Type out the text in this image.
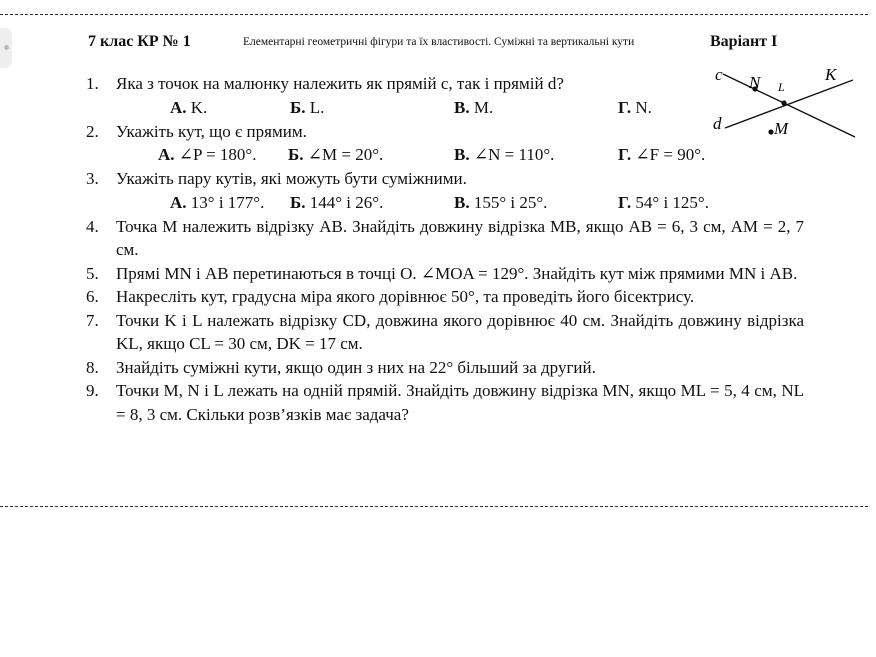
7 клас КР № 1	Елементарні геометричні фігури та їх властивості. Суміжні та вертикальні кути	Варіант І
c N L
K
d	M
1. Яка з точок на малюнку належить як прямій c, так і прямій d?
А. K.	Б. L.	В. M.	Г. N.
2. Укажіть кут, що є прямим.
А. ∠P = 180°. Б. ∠M = 20°.	В. ∠N = 110°.	Г. ∠F = 90°.
3. Укажіть пару кутів, які можуть бути суміжними.
А. 13° і 177°. Б. 144° і 26°.	В. 155° і 25°.	Г. 54° і 125°.
4. Точка M належить відрізку AB. Знайдіть довжину відрізка MB, якщо AB = 6, 3 см, AM = 2, 7 см.
5. Прямі MN і AB перетинаються в точці O. ∠MOA = 129°. Знайдіть кут між прямими MN і AB.
6. Накресліть кут, градусна міра якого дорівнює 50°, та проведіть його бісектрису.
7. Точки K і L належать відрізку CD, довжина якого дорівнює 40 см. Знайдіть довжину відрізка KL, якщо CL = 30 см, DK = 17 см.
8. Знайдіть суміжні кути, якщо один з них на 22° більший за другий.
9. Точки M, N і L лежать на одній прямій. Знайдіть довжину відрізка MN, якщо ML = 5, 4 см, NL = 8, 3 см. Скільки розв’язків має задача?
